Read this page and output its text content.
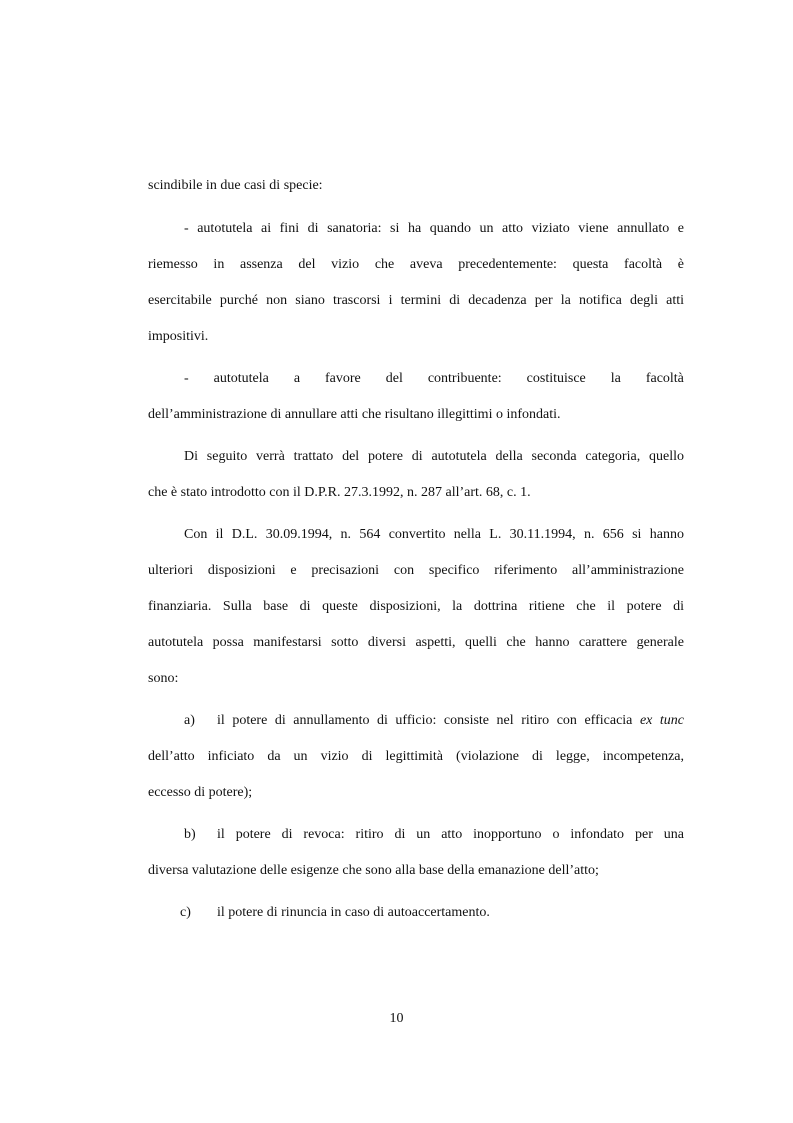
scindibile in due casi di specie:
- autotutela ai fini di sanatoria: si ha quando un atto viziato viene annullato e
riemesso in assenza del vizio che aveva precedentemente: questa facoltà è
esercitabile purché non siano trascorsi i termini di decadenza per la notifica degli atti
impositivi.
- autotutela a favore del contribuente: costituisce la facoltà
dell’amministrazione di annullare atti che risultano illegittimi o infondati.
Di seguito verrà trattato del potere di autotutela della seconda categoria, quello
che è stato introdotto con il D.P.R. 27.3.1992, n. 287 all’art. 68, c. 1.
Con il D.L. 30.09.1994, n. 564 convertito nella L. 30.11.1994, n. 656 si hanno
ulteriori disposizioni e precisazioni con specifico riferimento all’amministrazione
finanziaria. Sulla base di queste disposizioni, la dottrina ritiene che il potere di
autotutela possa manifestarsi sotto diversi aspetti, quelli che hanno carattere generale
sono:
a) il potere di annullamento di ufficio: consiste nel ritiro con efficacia ex tunc
dell’atto inficiato da un vizio di legittimità (violazione di legge, incompetenza,
eccesso di potere);
b) il potere di revoca: ritiro di un atto inopportuno o infondato per una
diversa valutazione delle esigenze che sono alla base della emanazione dell’atto;
c) il potere di rinuncia in caso di autoaccertamento.
10
